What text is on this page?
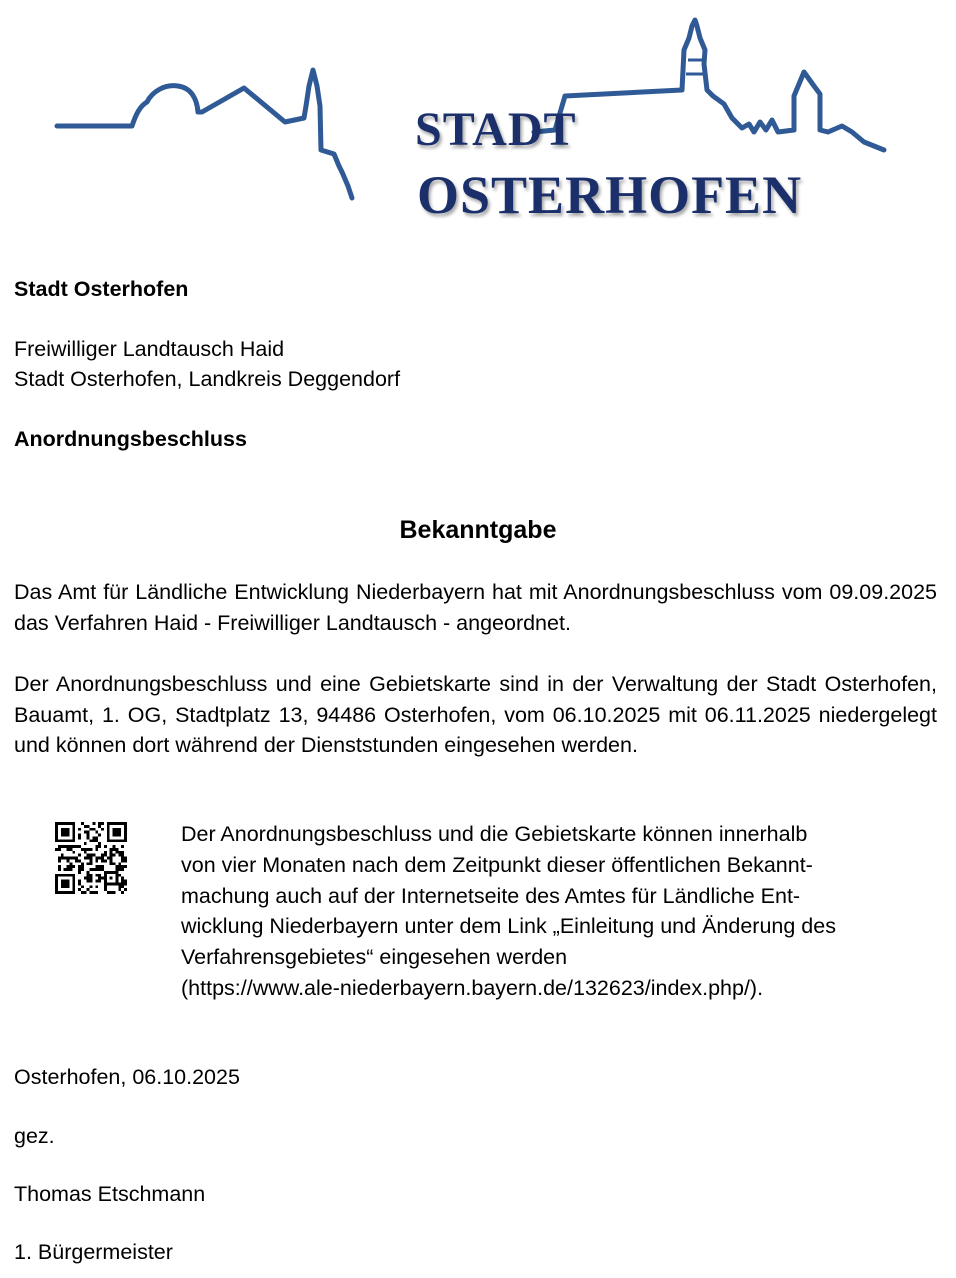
STADT
OSTERHOFEN
Stadt Osterhofen
Freiwilliger Landtausch Haid
Stadt Osterhofen, Landkreis Deggendorf
Anordnungsbeschluss
Bekanntgabe
Das Amt für Ländliche Entwicklung Niederbayern hat mit Anordnungsbeschluss vom 09.09.2025 das Verfahren Haid - Freiwilliger Landtausch - angeordnet.
Der Anordnungsbeschluss und eine Gebietskarte sind in der Verwaltung der Stadt Osterhofen, Bauamt, 1. OG, Stadtplatz 13, 94486 Osterhofen, vom 06.10.2025 mit 06.11.2025 niedergelegt und können dort während der Dienststunden eingesehen werden.
Der Anordnungsbeschluss und die Gebietskarte können innerhalb
von vier Monaten nach dem Zeitpunkt dieser öffentlichen Bekannt-
machung auch auf der Internetseite des Amtes für Ländliche Ent-
wicklung Niederbayern unter dem Link „Einleitung und Änderung des
Verfahrensgebietes“ eingesehen werden
(https://www.ale-niederbayern.bayern.de/132623/index.php/).
Osterhofen, 06.10.2025
gez.
Thomas Etschmann
1. Bürgermeister
